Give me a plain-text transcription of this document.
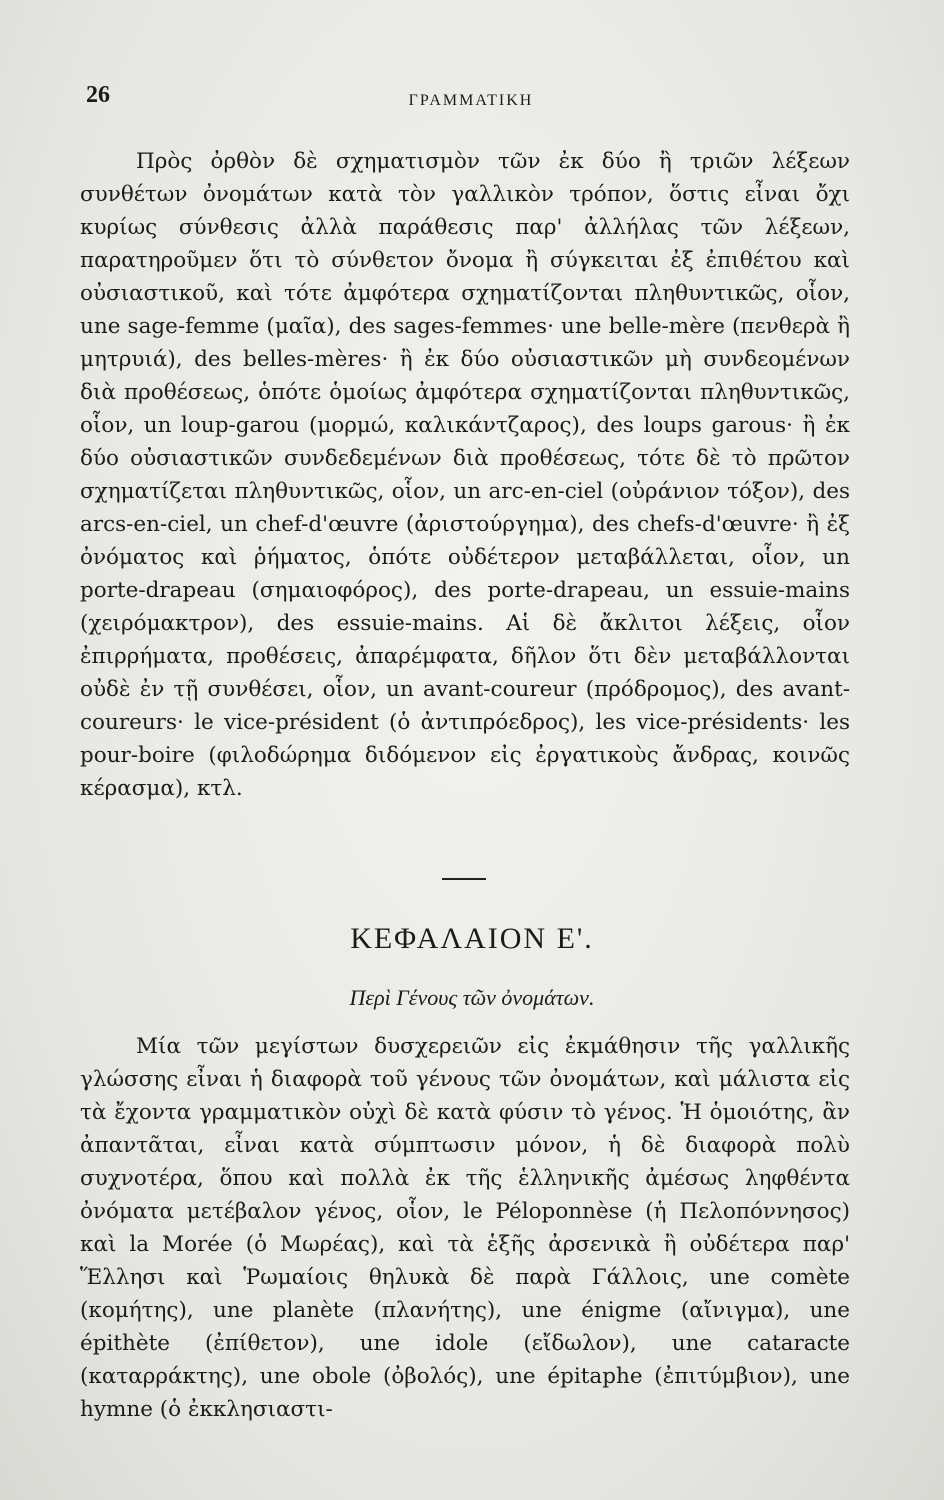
26	ΓΡΑΜΜΑΤΙΚΗ

Πρὸς ὀρθὸν δὲ σχηματισμὸν τῶν ἐκ δύο ἢ τριῶν λέξεων συνθέτων ὀνομάτων κατὰ τὸν γαλλικὸν τρόπον, ὅστις εἶναι ὄχι κυρίως σύνθεσις ἀλλὰ παράθεσις παρ' ἀλλήλας τῶν λέξεων, παρατηροῦμεν ὅτι τὸ σύνθετον ὄνομα ἢ σύγκειται ἐξ ἐπιθέτου καὶ οὐσιαστικοῦ, καὶ τότε ἀμφότερα σχηματίζονται πληθυντικῶς, οἷον, une sage-femme (μαῖα), des sages-femmes· une belle-mère (πενθερὰ ἢ μητρυιά), des belles-mères· ἢ ἐκ δύο οὐσιαστικῶν μὴ συνδεομένων διὰ προθέσεως, ὁπότε ὁμοίως ἀμφότερα σχηματίζονται πληθυντικῶς, οἷον, un loup-garou (μορμώ, καλικάντζαρος), des loups garous· ἢ ἐκ δύο οὐσιαστικῶν συνδεδεμένων διὰ προθέσεως, τότε δὲ τὸ πρῶτον σχηματίζεται πληθυντικῶς, οἷον, un arc-en-ciel (οὐράνιον τόξον), des arcs-en-ciel, un chef-d'œuvre (ἀριστούργημα), des chefs-d'œuvre· ἢ ἐξ ὀνόματος καὶ ῥήματος, ὁπότε οὐδέτερον μεταβάλλεται, οἷον, un porte-drapeau (σημαιοφόρος), des porte-drapeau, un essuie-mains (χειρόμακτρον), des essuie-mains. Αἱ δὲ ἄκλιτοι λέξεις, οἷον ἐπιρρήματα, προθέσεις, ἀπαρέμφατα, δῆλον ὅτι δὲν μεταβάλλονται οὐδὲ ἐν τῇ συνθέσει, οἷον, un avant-coureur (πρόδρομος), des avant-coureurs· le vice-président (ὁ ἀντιπρόεδρος), les vice-présidents· les pour-boire (φιλοδώρημα διδόμενον εἰς ἐργατικοὺς ἄνδρας, κοινῶς κέρασμα), κτλ.

ΚΕΦΑΛΑΙΟΝ Ε'.
Περὶ Γένους τῶν ὀνομάτων.

Μία τῶν μεγίστων δυσχερειῶν εἰς ἐκμάθησιν τῆς γαλλικῆς γλώσσης εἶναι ἡ διαφορὰ τοῦ γένους τῶν ὀνομάτων, καὶ μάλιστα εἰς τὰ ἔχοντα γραμματικὸν οὐχὶ δὲ κατὰ φύσιν τὸ γένος. Ἡ ὁμοιότης, ἂν ἀπαντᾶται, εἶναι κατὰ σύμπτωσιν μόνον, ἡ δὲ διαφορὰ πολὺ συχνοτέρα, ὅπου καὶ πολλὰ ἐκ τῆς ἑλληνικῆς ἀμέσως ληφθέντα ὀνόματα μετέβαλον γένος, οἷον, le Péloponnèse (ἡ Πελοπόννησος) καὶ la Morée (ὁ Μωρέας), καὶ τὰ ἑξῆς ἀρσενικὰ ἢ οὐδέτερα παρ' Ἕλλησι καὶ Ῥωμαίοις θηλυκὰ δὲ παρὰ Γάλλοις, une comète (κομήτης), une planète (πλανήτης), une énigme (αἴνιγμα), une épithète (ἐπίθετον), une idole (εἴδωλον), une cataracte (καταρράκτης), une obole (ὀβολός), une épitaphe (ἐπιτύμβιον), une hymne (ὁ ἐκκλησιαστι-
